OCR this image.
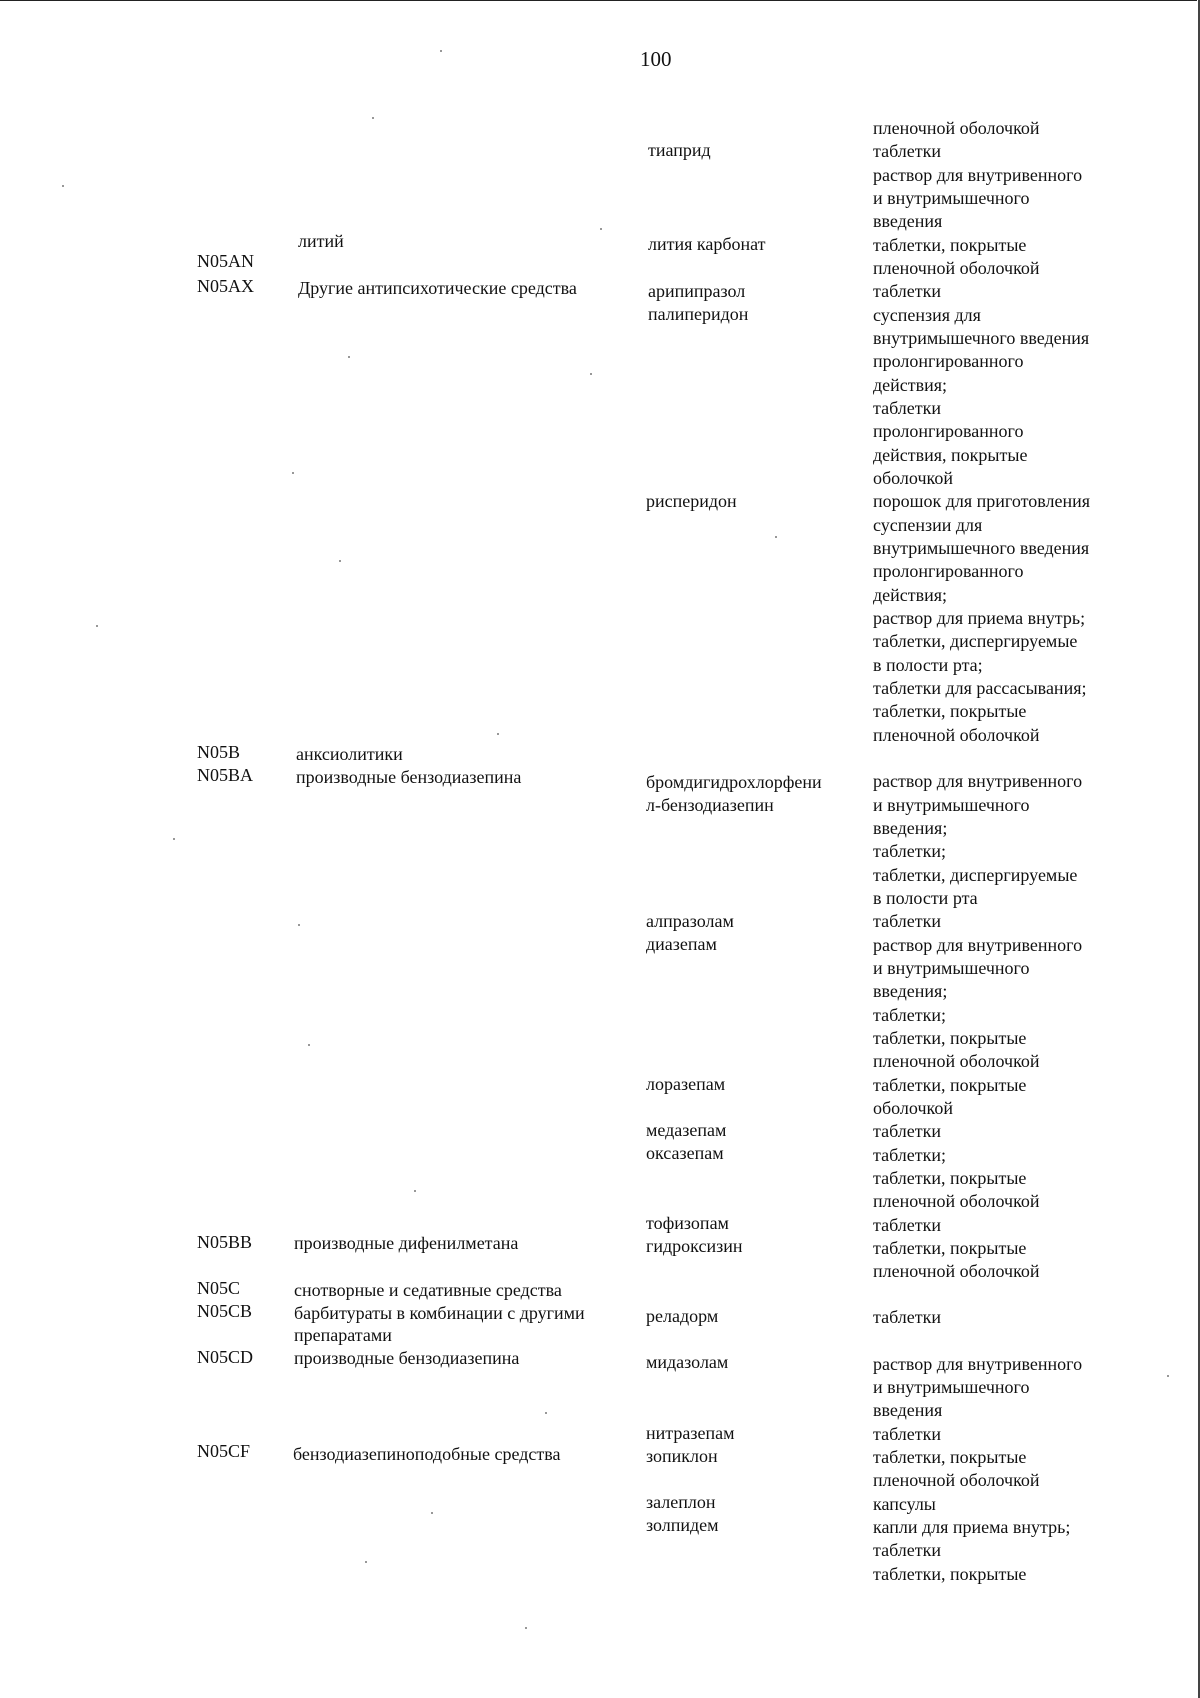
100
N05AN
N05AX
N05B
N05BA
N05BB
N05C
N05CB
N05CD
N05CF
литий
Другие антипсихотические средства
анксиолитики
производные бензодиазепина
производные дифенилметана
снотворные и седативные средства
барбитураты в комбинации с другими
препаратами
производные бензодиазепина
бензодиазепиноподобные средства
тиаприд
лития карбонат
арипипразол
палиперидон
рисперидон
бромдигидрохлорфени
л-бензодиазепин
алпразолам
диазепам
лоразепам
медазепам
оксазепам
тофизопам
гидроксизин
реладорм
мидазолам
нитразепам
зопиклон
залеплон
золпидем
пленочной оболочкой
таблетки
раствор для внутривенного
и внутримышечного
введения
таблетки, покрытые
пленочной оболочкой
таблетки
суспензия для
внутримышечного введения
пролонгированного
действия;
таблетки
пролонгированного
действия, покрытые
оболочкой
порошок для приготовления
суспензии для
внутримышечного введения
пролонгированного
действия;
раствор для приема внутрь;
таблетки, диспергируемые
в полости рта;
таблетки для рассасывания;
таблетки, покрытые
пленочной оболочкой
раствор для внутривенного
и внутримышечного
введения;
таблетки;
таблетки, диспергируемые
в полости рта
таблетки
раствор для внутривенного
и внутримышечного
введения;
таблетки;
таблетки, покрытые
пленочной оболочкой
таблетки, покрытые
оболочкой
таблетки
таблетки;
таблетки, покрытые
пленочной оболочкой
таблетки
таблетки, покрытые
пленочной оболочкой
таблетки
раствор для внутривенного
и внутримышечного
введения
таблетки
таблетки, покрытые
пленочной оболочкой
капсулы
капли для приема внутрь;
таблетки
таблетки, покрытые
